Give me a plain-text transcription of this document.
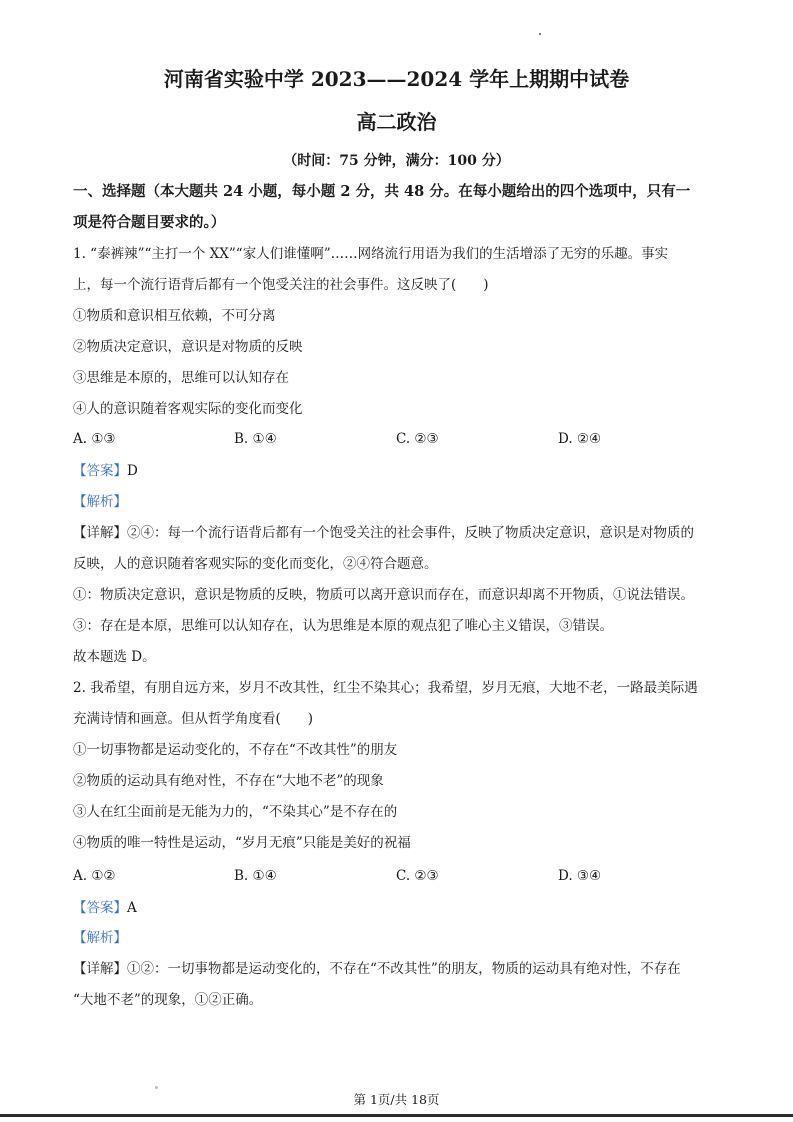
河南省实验中学 2023——2024 学年上期期中试卷
高二政治
（时间：75 分钟，满分：100 分）
一、选择题（本大题共 24 小题，每小题 2 分，共 48 分。在每小题给出的四个选项中，只有一
项是符合题目要求的。）
1. “泰裤辣”“主打一个 XX”“家人们谁懂啊”……网络流行用语为我们的生活增添了无穷的乐趣。事实
上，每一个流行语背后都有一个饱受关注的社会事件。这反映了(　　)
①物质和意识相互依赖，不可分离
②物质决定意识，意识是对物质的反映
③思维是本原的，思维可以认知存在
④人的意识随着客观实际的变化而变化
A. ①③	B. ①④	C. ②③	D. ②④
【答案】D
【解析】
【详解】②④：每一个流行语背后都有一个饱受关注的社会事件，反映了物质决定意识，意识是对物质的
反映，人的意识随着客观实际的变化而变化，②④符合题意。
①：物质决定意识，意识是物质的反映，物质可以离开意识而存在，而意识却离不开物质，①说法错误。
③：存在是本原，思维可以认知存在，认为思维是本原的观点犯了唯心主义错误，③错误。
故本题选 D。
2. 我希望，有朋自远方来，岁月不改其性，红尘不染其心；我希望，岁月无痕，大地不老，一路最美际遇
充满诗情和画意。但从哲学角度看(　　)
①一切事物都是运动变化的，不存在“不改其性”的朋友
②物质的运动具有绝对性，不存在“大地不老”的现象
③人在红尘面前是无能为力的，“不染其心”是不存在的
④物质的唯一特性是运动，“岁月无痕”只能是美好的祝福
A. ①②	B. ①④	C. ②③	D. ③④
【答案】A
【解析】
【详解】①②：一切事物都是运动变化的，不存在“不改其性”的朋友，物质的运动具有绝对性，不存在
“大地不老”的现象，①②正确。
第 1页/共 18页
